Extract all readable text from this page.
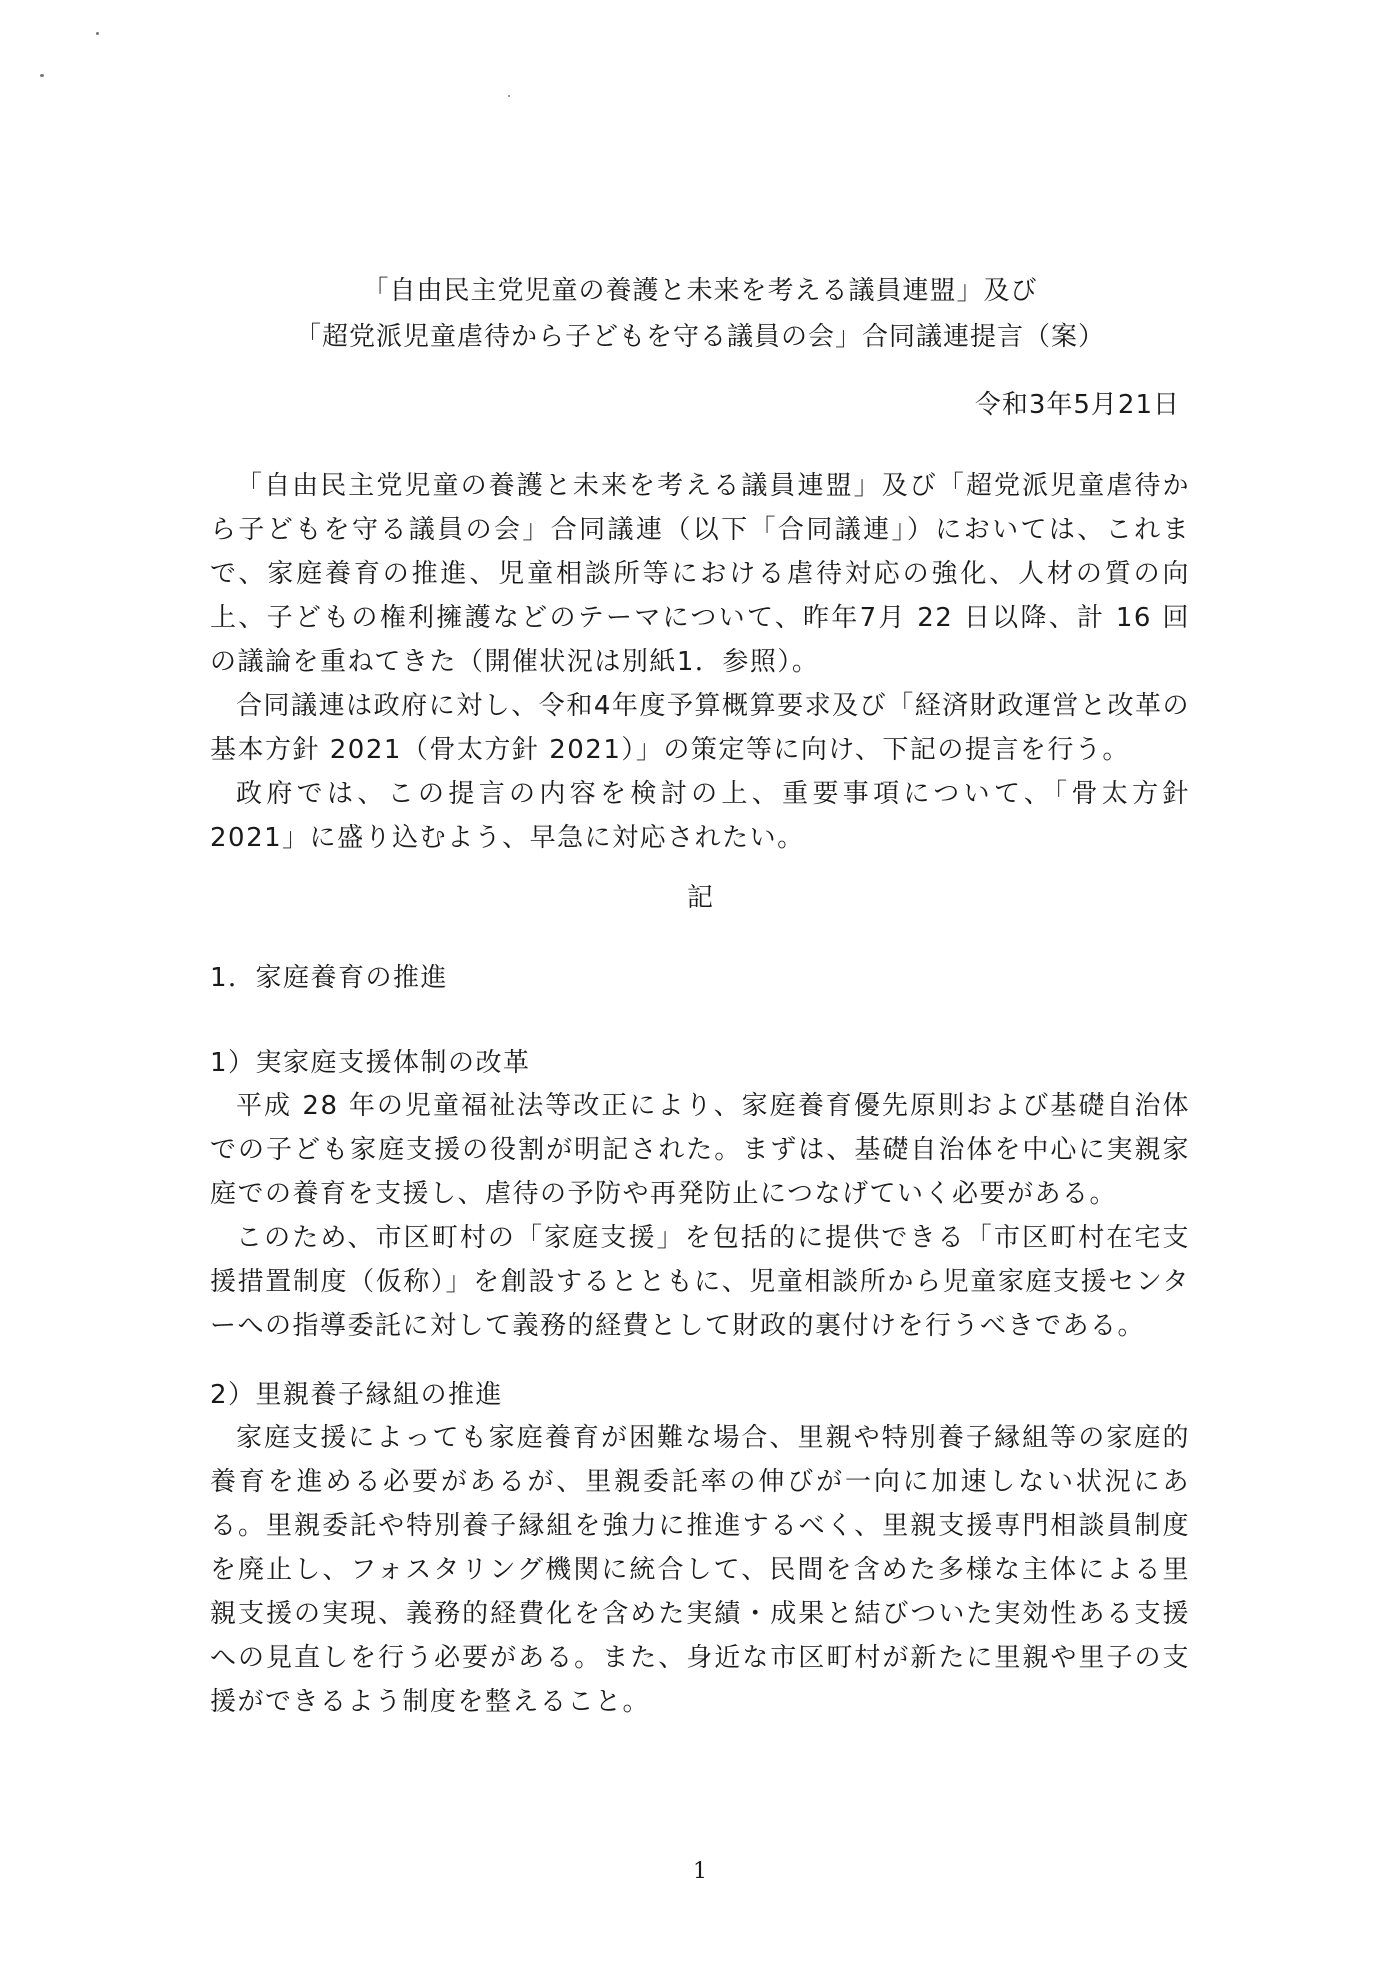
「自由民主党児童の養護と未来を考える議員連盟」及び
「超党派児童虐待から子どもを守る議員の会」合同議連提言（案）
令和3年5月21日

「自由民主党児童の養護と未来を考える議員連盟」及び「超党派児童虐待から子どもを守る議員の会」合同議連（以下「合同議連」）においては、これまで、家庭養育の推進、児童相談所等における虐待対応の強化、人材の質の向上、子どもの権利擁護などのテーマについて、昨年7月 22 日以降、計 16 回の議論を重ねてきた（開催状況は別紙1．参照）。

合同議連は政府に対し、令和4年度予算概算要求及び「経済財政運営と改革の基本方針 2021（骨太方針 2021）」の策定等に向け、下記の提言を行う。

政府では、この提言の内容を検討の上、重要事項について、「骨太方針 2021」に盛り込むよう、早急に対応されたい。

記
1．家庭養育の推進
1）実家庭支援体制の改革

平成 28 年の児童福祉法等改正により、家庭養育優先原則および基礎自治体での子ども家庭支援の役割が明記された。まずは、基礎自治体を中心に実親家庭での養育を支援し、虐待の予防や再発防止につなげていく必要がある。

このため、市区町村の「家庭支援」を包括的に提供できる「市区町村在宅支援措置制度（仮称）」を創設するとともに、児童相談所から児童家庭支援センターへの指導委託に対して義務的経費として財政的裏付けを行うべきである。

2）里親養子縁組の推進

家庭支援によっても家庭養育が困難な場合、里親や特別養子縁組等の家庭的養育を進める必要があるが、里親委託率の伸びが一向に加速しない状況にある。里親委託や特別養子縁組を強力に推進するべく、里親支援専門相談員制度を廃止し、フォスタリング機関に統合して、民間を含めた多様な主体による里親支援の実現、義務的経費化を含めた実績・成果と結びついた実効性ある支援への見直しを行う必要がある。また、身近な市区町村が新たに里親や里子の支援ができるよう制度を整えること。

1
